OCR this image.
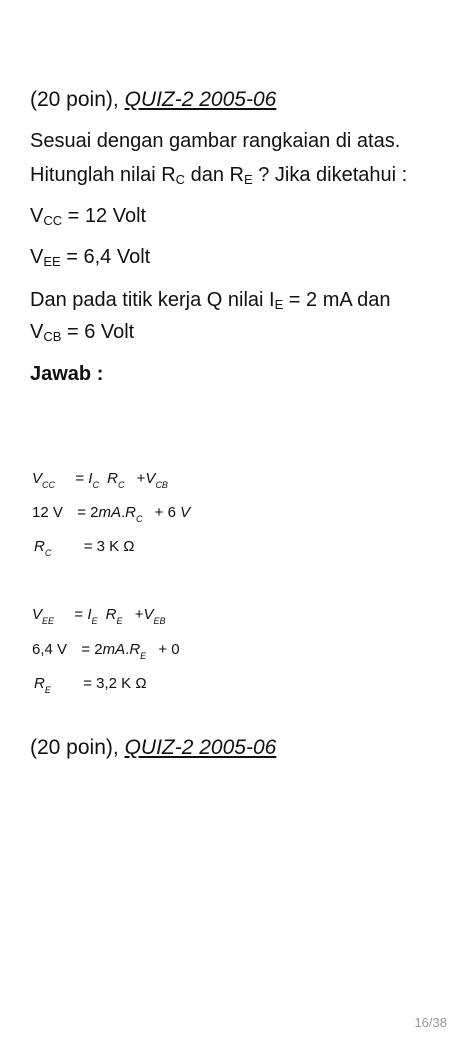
(20 poin), QUIZ-2 2005-06
Sesuai dengan gambar rangkaian di atas.
Hitunglah nilai RC dan RE ? Jika diketahui :
VCC = 12 Volt
VEE = 6,4 Volt
Dan pada titik kerja Q nilai IE = 2 mA dan
VCB = 6 Volt
Jawab :
$V_{CC} = I_C$ $R_C +V_{CB}$
12 $V = 2mA.R_C + 6$ V
$R_C = 3$ K Ω
$V_{EE} = I_E$ $R_E +V_{EB}$
6,4 $V = 2mA.R_E + 0$
$R_E = 3,2$ K Ω
(20 poin), QUIZ-2 2005-06
16/38
